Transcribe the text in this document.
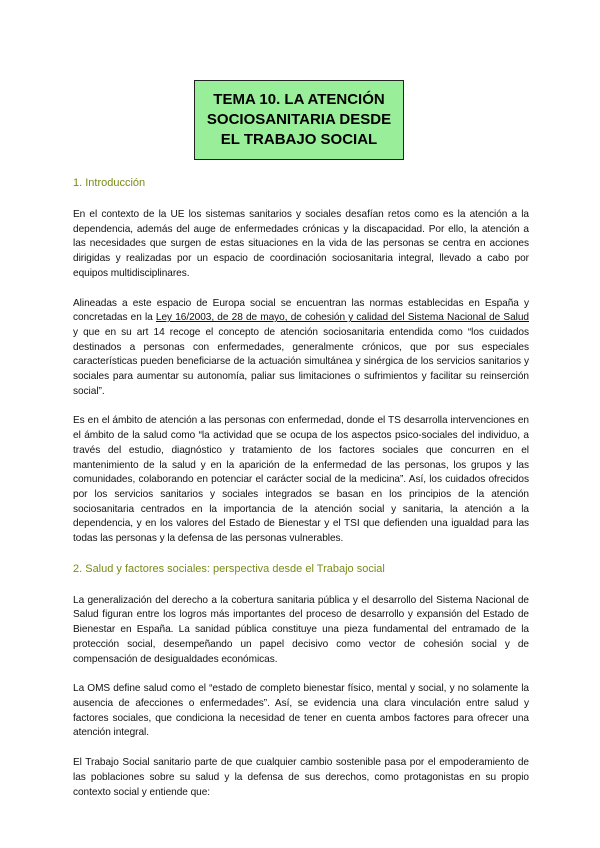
TEMA 10. LA ATENCIÓN
SOCIOSANITARIA DESDE
EL TRABAJO SOCIAL
1. Introducción

En el contexto de la UE los sistemas sanitarios y sociales desafían retos como es la atención a la dependencia, además del auge de enfermedades crónicas y la discapacidad. Por ello, la atención a las necesidades que surgen de estas situaciones en la vida de las personas se centra en acciones dirigidas y realizadas por un espacio de coordinación sociosanitaria integral, llevado a cabo por equipos multidisciplinares.

Alineadas a este espacio de Europa social se encuentran las normas establecidas en España y concretadas en la Ley 16/2003, de 28 de mayo, de cohesión y calidad del Sistema Nacional de Salud y que en su art 14 recoge el concepto de atención sociosanitaria entendida como “los cuidados destinados a personas con enfermedades, generalmente crónicos, que por sus especiales características pueden beneficiarse de la actuación simultánea y sinérgica de los servicios sanitarios y sociales para aumentar su autonomía, paliar sus limitaciones o sufrimientos y facilitar su reinserción social”.

Es en el ámbito de atención a las personas con enfermedad, donde el TS desarrolla intervenciones en el ámbito de la salud como “la actividad que se ocupa de los aspectos psico-sociales del individuo, a través del estudio, diagnóstico y tratamiento de los factores sociales que concurren en el mantenimiento de la salud y en la aparición de la enfermedad de las personas, los grupos y las comunidades, colaborando en potenciar el carácter social de la medicina”. Así, los cuidados ofrecidos por los servicios sanitarios y sociales integrados se basan en los principios de la atención sociosanitaria centrados en la importancia de la atención social y sanitaria, la atención a la dependencia, y en los valores del Estado de Bienestar y el TSI que defienden una igualdad para las todas las personas y la defensa de las personas vulnerables.

2. Salud y factores sociales: perspectiva desde el Trabajo social

La generalización del derecho a la cobertura sanitaria pública y el desarrollo del Sistema Nacional de Salud figuran entre los logros más importantes del proceso de desarrollo y expansión del Estado de Bienestar en España. La sanidad pública constituye una pieza fundamental del entramado de la protección social, desempeñando un papel decisivo como vector de cohesión social y de compensación de desigualdades económicas.

La OMS define salud como el “estado de completo bienestar físico, mental y social, y no solamente la ausencia de afecciones o enfermedades”. Así, se evidencia una clara vinculación entre salud y factores sociales, que condiciona la necesidad de tener en cuenta ambos factores para ofrecer una atención integral.

El Trabajo Social sanitario parte de que cualquier cambio sostenible pasa por el empoderamiento de las poblaciones sobre su salud y la defensa de sus derechos, como protagonistas en su propio contexto social y entiende que:
